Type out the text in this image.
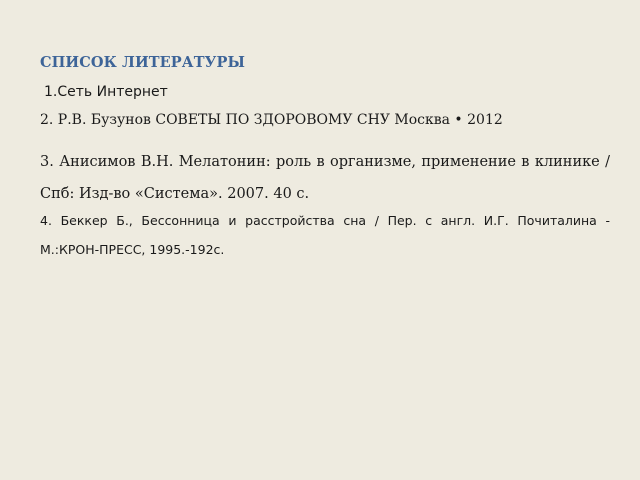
СПИСОК ЛИТЕРАТУРЫ
1.Сеть Интернет
2. Р.В. Бузунов СОВЕТЫ ПО ЗДОРОВОМУ СНУ Москва • 2012
3. Анисимов В.Н. Мелатонин: роль в организме, применение в клинике / Спб: Изд-во «Система». 2007. 40 с.
4. Беккер Б., Бессонница и расстройства сна / Пер. с англ. И.Г. Почиталина - М.:КРОН-ПРЕСС, 1995.-192с.
